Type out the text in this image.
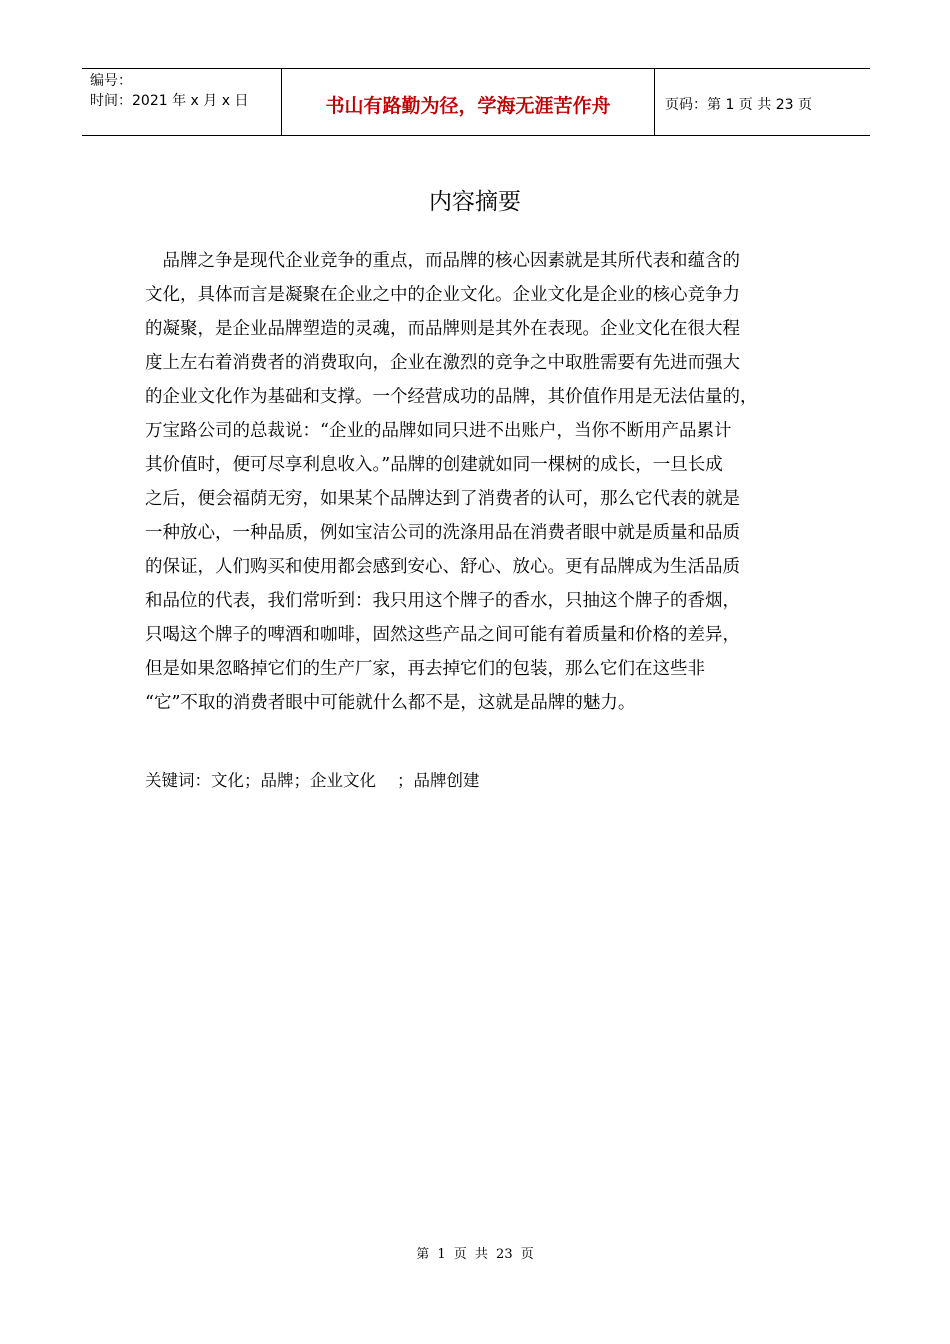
编号：
时间：2021 年 x 月 x 日	书山有路勤为径，学海无涯苦作舟	页码：第 1 页 共 23 页
内容摘要
　品牌之争是现代企业竞争的重点，而品牌的核心因素就是其所代表和蕴含的
文化，具体而言是凝聚在企业之中的企业文化。企业文化是企业的核心竞争力
的凝聚，是企业品牌塑造的灵魂，而品牌则是其外在表现。企业文化在很大程
度上左右着消费者的消费取向，企业在激烈的竞争之中取胜需要有先进而强大
的企业文化作为基础和支撑。一个经营成功的品牌，其价值作用是无法估量的，
万宝路公司的总裁说：“企业的品牌如同只进不出账户，当你不断用产品累计
其价值时，便可尽享利息收入。”品牌的创建就如同一棵树的成长，一旦长成
之后，便会福荫无穷，如果某个品牌达到了消费者的认可，那么它代表的就是
一种放心，一种品质，例如宝洁公司的洗涤用品在消费者眼中就是质量和品质
的保证，人们购买和使用都会感到安心、舒心、放心。更有品牌成为生活品质
和品位的代表，我们常听到：我只用这个牌子的香水，只抽这个牌子的香烟，
只喝这个牌子的啤酒和咖啡，固然这些产品之间可能有着质量和价格的差异，
但是如果忽略掉它们的生产厂家，再去掉它们的包装，那么它们在这些非
“它”不取的消费者眼中可能就什么都不是，这就是品牌的魅力。
关键词：文化；品牌；企业文化    ；品牌创建
第 1 页 共 23 页
